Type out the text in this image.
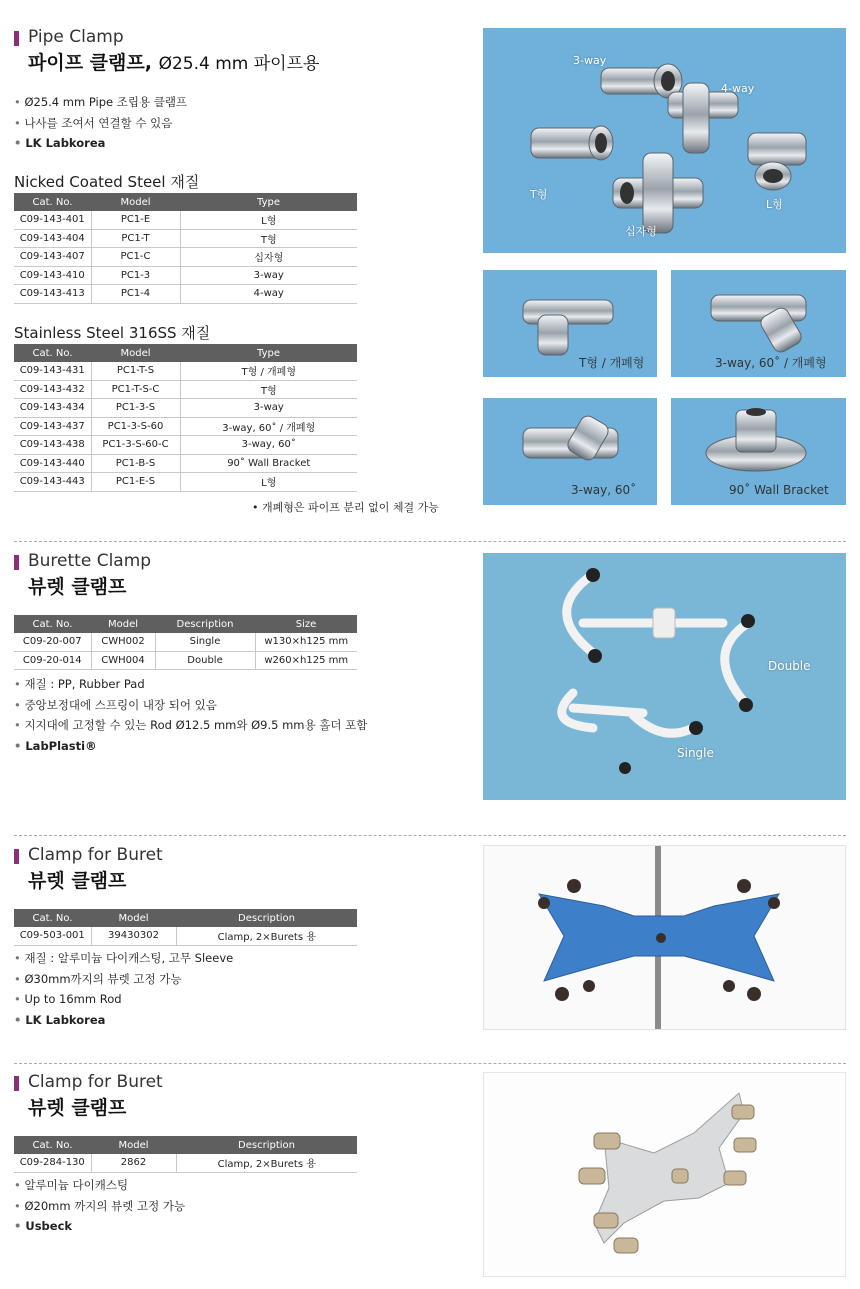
Pipe Clamp
파이프 클램프, Ø25.4 mm 파이프용
• Ø25.4 mm Pipe 조립용 클램프
• 나사를 조여서 연결할 수 있음
• LK Labkorea
Nicked Coated Steel 재질
Cat. No.	Model	Type
C09-143-401	PC1-E	L형
C09-143-404	PC1-T	T형
C09-143-407	PC1-C	십자형
C09-143-410	PC1-3	3-way
C09-143-413	PC1-4	4-way
Stainless Steel 316SS 재질
Cat. No.	Model	Type
C09-143-431	PC1-T-S	T형 / 개폐형
C09-143-432	PC1-T-S-C	T형
C09-143-434	PC1-3-S	3-way
C09-143-437	PC1-3-S-60	3-way, 60˚ / 개폐형
C09-143-438	PC1-3-S-60-C	3-way, 60˚
C09-143-440	PC1-B-S	90˚ Wall Bracket
C09-143-443	PC1-E-S	L형
• 개폐형은 파이프 분리 없이 체결 가능
3-way
4-way
T형
L형
십자형
T형 / 개폐형	3-way, 60˚ / 개폐형
3-way, 60˚	90˚ Wall Bracket
Burette Clamp
뷰렛 클램프
Cat. No.	Model	Description	Size
C09-20-007	CWH002	Single	w130×h125 mm
C09-20-014	CWH004	Double	w260×h125 mm
• 재질 : PP, Rubber Pad
• 중앙보정대에 스프링이 내장 되어 있음
• 지지대에 고정할 수 있는 Rod Ø12.5 mm와 Ø9.5 mm용 홀더 포함
• LabPlasti®
Double
Single
Clamp for Buret
뷰렛 클램프
Cat. No.	Model	Description
C09-503-001	39430302	Clamp, 2×Burets 용
• 재질 : 알루미늄 다이캐스팅, 고무 Sleeve
• Ø30mm까지의 뷰렛 고정 가능
• Up to 16mm Rod
• LK Labkorea
Clamp for Buret
뷰렛 클램프
Cat. No.	Model	Description
C09-284-130	2862	Clamp, 2×Burets 용
• 알루미늄 다이캐스팅
• Ø20mm 까지의 뷰렛 고정 가능
• Usbeck
